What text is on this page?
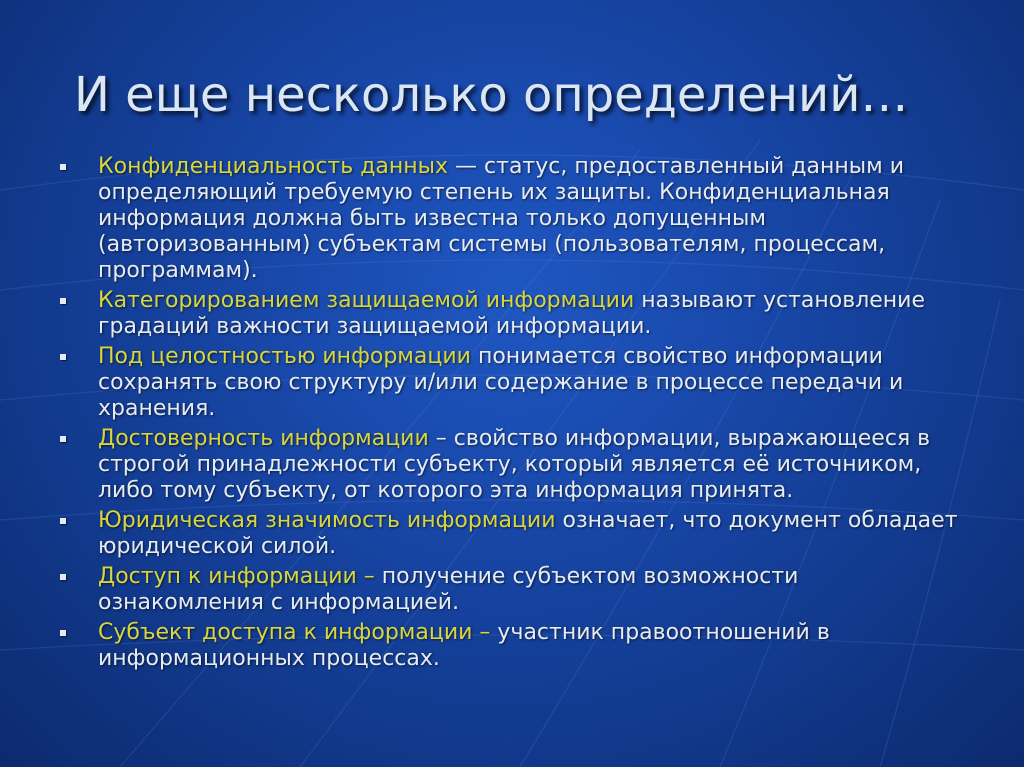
И еще несколько определений…
Конфиденциальность данных — статус, предоставленный данным и определяющий требуемую степень их защиты. Конфиденциальная информация должна быть известна только допущенным (авторизованным) субъектам системы (пользователям, процессам, программам).
Категорированием защищаемой информации называют установление градаций важности защищаемой информации.
Под целостностью информации понимается свойство информации сохранять свою структуру и/или содержание в процессе передачи и хранения.
Достоверность информации – свойство информации, выражающееся в строгой принадлежности субъекту, который является её источником, либо тому субъекту, от которого эта информация принята.
Юридическая значимость информации означает, что документ обладает юридической силой.
Доступ к информации – получение субъектом возможности ознакомления с информацией.
Субъект доступа к информации – участник правоотношений в информационных процессах.
